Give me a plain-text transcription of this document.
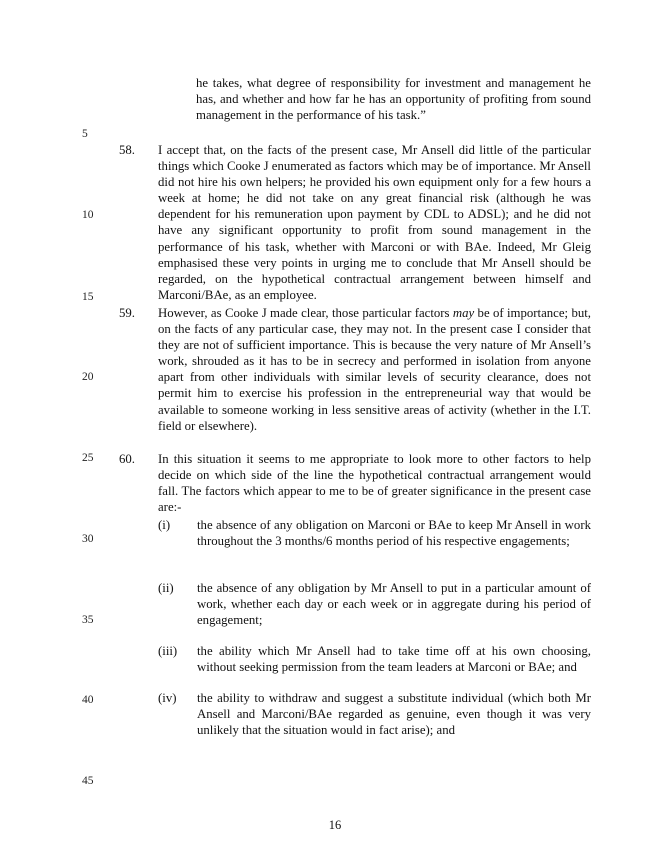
he takes, what degree of responsibility for investment and management he has, and whether and how far he has an opportunity of profiting from sound management in the performance of his task.”
5
10
15
20
25
30
35
40
45
58. I accept that, on the facts of the present case, Mr Ansell did little of the particular things which Cooke J enumerated as factors which may be of importance. Mr Ansell did not hire his own helpers; he provided his own equipment only for a few hours a week at home; he did not take on any great financial risk (although he was dependent for his remuneration upon payment by CDL to ADSL); and he did not have any significant opportunity to profit from sound management in the performance of his task, whether with Marconi or with BAe. Indeed, Mr Gleig emphasised these very points in urging me to conclude that Mr Ansell should be regarded, on the hypothetical contractual arrangement between himself and Marconi/BAe, as an employee.
59. However, as Cooke J made clear, those particular factors may be of importance; but, on the facts of any particular case, they may not. In the present case I consider that they are not of sufficient importance. This is because the very nature of Mr Ansell’s work, shrouded as it has to be in secrecy and performed in isolation from anyone apart from other individuals with similar levels of security clearance, does not permit him to exercise his profession in the entrepreneurial way that would be available to someone working in less sensitive areas of activity (whether in the I.T. field or elsewhere).
60. In this situation it seems to me appropriate to look more to other factors to help decide on which side of the line the hypothetical contractual arrangement would fall. The factors which appear to me to be of greater significance in the present case are:-
(i) the absence of any obligation on Marconi or BAe to keep Mr Ansell in work throughout the 3 months/6 months period of his respective engagements;
(ii) the absence of any obligation by Mr Ansell to put in a particular amount of work, whether each day or each week or in aggregate during his period of engagement;
(iii) the ability which Mr Ansell had to take time off at his own choosing, without seeking permission from the team leaders at Marconi or BAe; and
(iv) the ability to withdraw and suggest a substitute individual (which both Mr Ansell and Marconi/BAe regarded as genuine, even though it was very unlikely that the situation would in fact arise); and
16
